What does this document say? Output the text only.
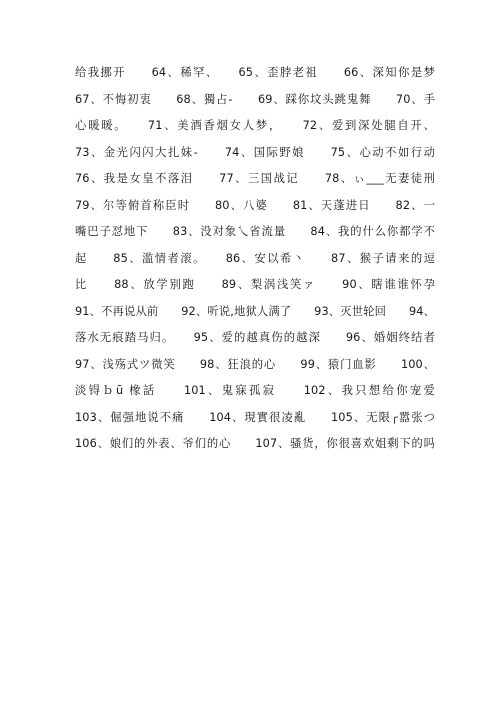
给我挪开　　64、稀罕、　　65、歪脖老祖　　66、深知你是梦
67、不悔初衷　　68、獨占-　　69、踩你坟头跳鬼舞　　70、手
心暖暖。　　71、美酒香烟女人梦，　　72、爱到深处腿自开、
73、金光闪闪大扎妹-　　74、国际野娘　　75、心动不如行动
76、我是女皇不落泪　　77、三国战记　　78、ぃ___无妻徒刑
79、尔等俯首称臣时　　80、八婆　　81、天蓬进日　　82、一
嘴巴子怼地下　　83、没对象乀省流量　　84、我的什么你都学不
起　　85、滥情者滚。　　86、安以希丶　　87、猴子请来的逗
比　　88、放学别跑　　89、梨涡浅笑ァ　　90、瞎谁谁怀孕
91、不再说从前　　92、听说,地狱人满了　　93、灭世轮回　　94、
落水无痕踏马归。　　95、爱的越真伤的越深　　96、婚姻终结者
97、浅殇式ツ微笑　　98、狂浪的心　　99、猿门血影　　100、
淡锝ｂū 橡話　　101、鬼寐孤寂　　102、我只想给你宠爱
103、倔强地说不痛　　104、現實很凌亂　　105、无限╭嚣张つ
106、娘们的外表、爷们的心　　107、骚货，你很喜欢姐剩下的吗
